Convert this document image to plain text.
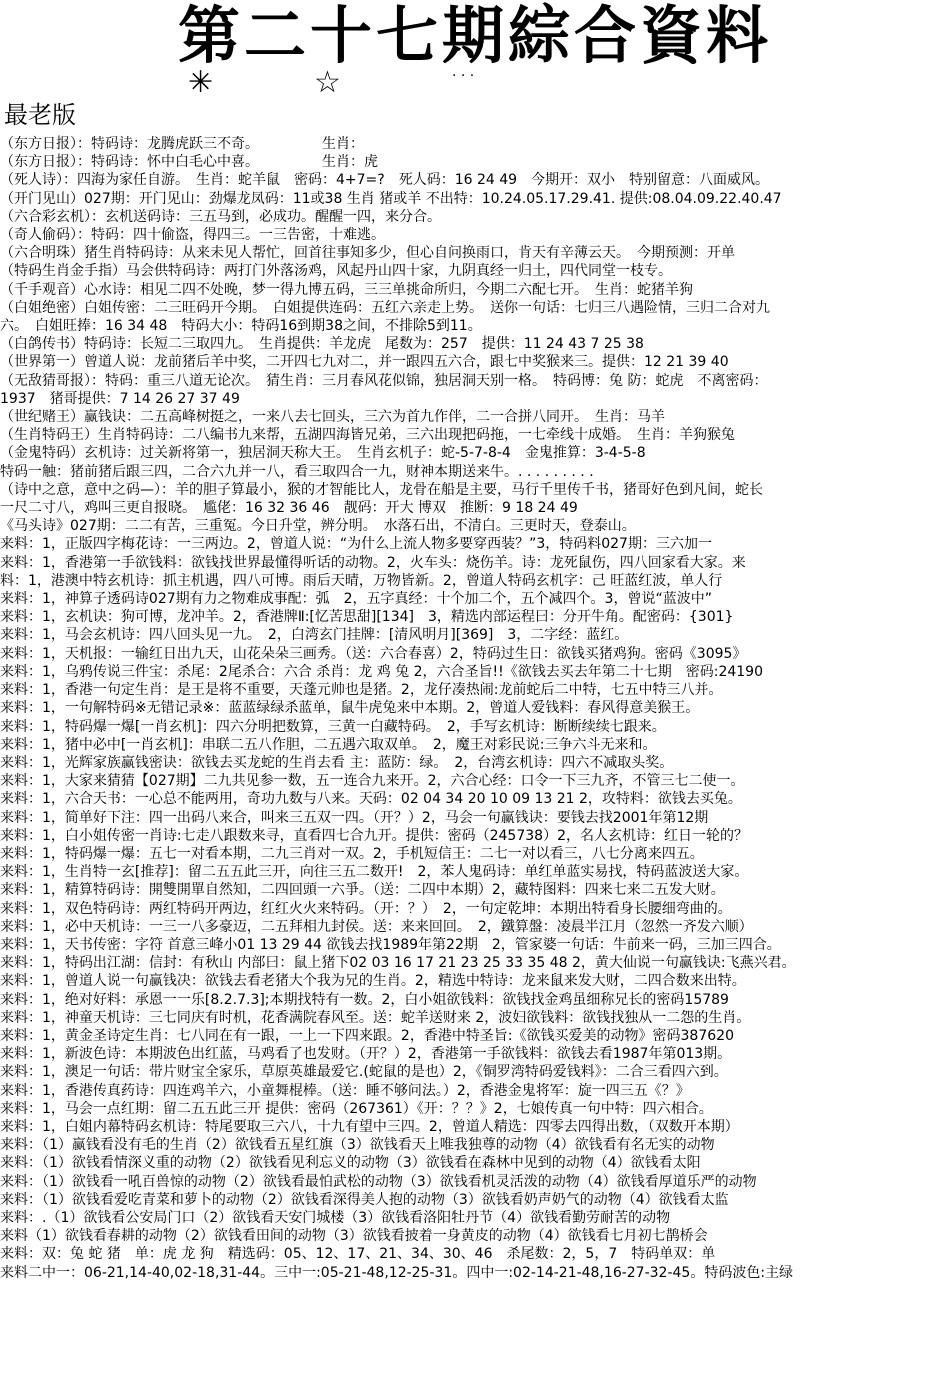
第二十七期綜合資料
✳	☆	· · ·
最老版
（东方日报）：特码诗：龙腾虎跃三不奇。　　　　　生肖：
（东方日报）：特码诗：怀中白毛心中喜。　　　　　生肖：虎
（死人诗）：四海为家任自游。　生肖：蛇羊鼠　密码：4+7=?　死人码：16 24 49　今期开：双小　特别留意：八面威风。
（开门见山）027期：开门见山：劲爆龙凤码：11或38 生肖 猪或羊 不出特：10.24.05.17.29.41. 提供:08.04.09.22.40.47
（六合彩玄机）：玄机送码诗：三五马到，必成功。醒醒一四，来分合。
（奇人偷码）：特码：四十偷盗，得四三。一三告密，十难逃。
（六合明珠）猪生肖特码诗：从来未见人帮忙，回首往事知多少，但心自问换雨口，肯天有辛薄云天。　今期预测：开单
（特码生肖金手指）马会供特码诗：两打门外落汤鸡，风起丹山四十家，九阴真经一归土，四代同堂一枝专。
（千手观音）心水诗：相见二四不处晚，梦一得九博五码，三三单挑命所归，今期二六配七开。　生肖：蛇猪羊狗
（白姐绝密）白姐传密：二三旺码开今期。　白姐提供连码：五红六亲走上势。　送你一句话：七归三八遇险情，三归二合对九
六。　白姐旺捧：16 34 48　特码大小：特码16到期38之间，不排除5到11。
（白鸽传书）特码诗：长短二三取四九。　生肖提供：羊龙虎　尾数为：257　提供：11 24 43 7 25 38
（世界第一）曾道人说：龙前猪后羊中奖，二开四七九对二，并一跟四五六合，跟七中奖猴来三。提供：12 21 39 40
（无敌猜哥报）：特码：重三八道无论次。　猜生肖：三月春风花似锦，独居洞天别一格。　特码博：兔 防：蛇虎　不离密码：
1937　猪哥提供：7 14 26 27 37 49
（世纪赌王）赢钱诀：二五高峰树挺之，一来八去七回头，三六为首九作伴，二一合拼八同开。　生肖：马羊
（生肖特码王）生肖特码诗：二八编书九来帮，五湖四海皆兄弟，三六出现把码拖，一七牵线十成婚。　生肖：羊狗猴兔
（金鬼特码）玄机诗：过关新将第一，独居洞天称大王。　生肖玄机子：蛇-5-7-8-4　金鬼推算：3-4-5-8
特码一触：猪前猪后跟三四，二合六九并一八，看三取四合一九，财神本期送来牛。. . . . . . . . .
（诗中之意，意中之码—）：羊的胆子算最小，猴的才智能比人，龙骨在船是主要，马行千里传千书，猪哥好色到凡间，蛇长
一尺二寸八，鸡叫三更自报晓。　尴佬：16 32 36 46　靓码：开大 博双　推断：9 18 24 49
《马头诗》027期：二二有苦，三重冤。今日升堂，辨分明。　水落石出，不清白。三更时天，登泰山。
来料：1，正版四字梅花诗：一三两边。2，曾道人说：“为什么上流人物多要穿西装？”3，特码料027期：三六加一
来料：1，香港第一手欲钱料：欲钱找世界最懂得听话的动物。2，火车头：烧伤羊。诗：龙死鼠伤，四八回家看大家。来
料：1，港澳中特玄机诗：抓主机遇，四八可博。雨后天晴，万物皆新。2，曾道人特码玄机字：己 旺蓝红波，单人行
来料：1，神算子透码诗027期有力之物难成事配：弧　2，五字真经：十个加二个，五个减四个。3，曾说“蓝波中”
来料：1，玄机诀：狗可博，龙冲羊。2，香港牌Ⅱ:[忆苦思甜][134]　3，精选内部运程曰：分开牛角。配密码：{301}
来料：1，马会玄机诗：四八回头见一九。　2，白湾玄门挂牌：[清风明月][369]　3，二字经：蓝红。
来料：1，天机报：一输红日出九天，山花朵朵三画秀。（送：六合春喜）2，特码过生日：欲钱买猪鸡狗。密码《3095》
来料：1，乌鸦传说三件宝：杀尾：2尾杀合：六合 杀肖：龙 鸡 兔 2，六合圣旨!!《欲钱去买去年第二十七期　密码:24190
来料：1，香港一句定生肖：是王是将不重要，天蓬元帅也是猪。2，龙仔凑热闹:龙前蛇后二中特，七五中特三八并。
来料：1，一句解特码※无错记录※：蓝蓝绿绿杀蓝单，鼠牛虎兔来中本期。2，曾道人爱钱料：春风得意美猴王。
来料：1，特码爆一爆[一肖玄机]：四六分明把数算，三黄一白藏特码。　2，手写玄机诗：断断续续七跟来。
来料：1，猪中必中[一肖玄机]：串联二五八作胆，二五遇六取双单。　2，魔王对彩民说:三争六斗无来和。
来料：1，光辉家族赢钱密诀：欲钱去买龙蛇的生肖去看 主：蓝防：绿。　2，台湾玄机诗：四六不减取头奖。
来料：1，大家来猜猜【027期】二九共见参一数，五一连合九来开。2，六合心经：口令一下三九齐，不管三七二使一。
来料：1，六合天书：一心总不能两用，奇功九数与八来。天码：02 04 34 20 10 09 13 21 2，攻特料：欲钱去买兔。
来料：1，简单好下注：四一出码八来合，叫来三五双一四。（开？）2，马会一句赢钱诀：要钱去找2001年第12期
来料：1，白小姐传密一肖诗:七走八跟数来寻，直看四七合九开。提供：密码（245738）2，名人玄机诗：红日一轮的？
来料：1，特码爆一爆：五七一对看本期，二九三肖对一双。2，手机短信王：二七一对以看三，八七分离来四五。
来料：1，生肖特一玄[推荐]：留二五五此三开，向往三五二数开!　2，苯人鬼码诗：单红单蓝实易找，特码蓝波送大家。
来料：1，精算特码诗：開雙開單自然知，二四回頭一六爭。（送：二四中本期）2，藏特图料：四来七来二五发大财。
来料：1，双色特码诗：两红特码开两边，红红火火来特码。（开：？）　2，一句定乾坤：本期出特看身长腰细弯曲的。
来料：1，必中天机诗：一三一八多豪迈，二五拜相九封侯。送：来来回回。　2，鐵算盤：凌晨半江月（忽然一齐发六顺）
来料：1，天书传密：字符 首意三峰小01 13 29 44 欲钱去找1989年第22期　2，管家婆一句话：牛前来一码，三加三四合。
来料：1，特码出江湖：信封：有秋山 内部曰：鼠上猪下02 03 16 17 21 23 25 33 35 48 2，黄大仙说一句赢钱诀:飞燕兴君。
来料：1，曾道人说一句赢钱决：欲钱去看老猪大个我为兄的生肖。2，精选中特诗：龙来鼠来发大财，二四合数来出特。
来料：1，绝对好料：承恩一一乐[8.2.7.3];本期找特有一数。2，白小姐欲钱料：欲钱找金鸡虽细称兄长的密码15789
来料：1，神童天机诗：三七同庆有时机，花香满院春风至。送：蛇羊送财来 2，波妇欲钱料：欲钱找独从一二怨的生肖。
来料：1，黄金圣诗定生肖：七八同在有一跟，一上一下四来跟。2，香港中特圣旨:《欲钱买爱美的动物》密码387620
来料：1，新波色诗：本期波色出红蓝，马鸡看了也发财。（开？）2，香港第一手欲钱料：欲钱去看1987年第013期。
来料：1，澳足一句话：带片财宝全家乐，草原英雄最爱它.(蛇鼠的是也）2，《铜罗湾特码爱钱料》：二合三看四六到。
来料：1，香港传真药诗：四连鸡羊六，小童舞棍棒。（送：睡不够问法。）2，香港金鬼将军：旋一四三五《？》
来料：1，马会一点红期：留二五五此三开 提供：密码（267361）《开：？？》2，七娘传真一句中特：四六相合。
来料：1，白姐内幕特码玄机诗：特尾要取三六八，十九有望中三四。2，曾道人精选：四零去四得出数，（双数开本期）
来料：（1）赢钱看没有毛的生肖（2）欲钱看五星红旗（3）欲钱看天上唯我独尊的动物（4）欲钱看有名无实的动物
来料：（1）欲钱看情深义重的动物（2）欲钱看见利忘义的动物（3）欲钱看在森林中见到的动物（4）欲钱看太阳
来料：（1）欲钱看一吼百兽惊的动物（2）欲钱看最怕武松的动物（3）欲钱看机灵活泼的动物（4）欲钱看厚道乐严的动物
来料：（1）欲钱看爱吃青菜和萝卜的动物（2）欲钱看深得美人抱的动物（3）欲钱看奶声奶气的动物（4）欲钱看太监
来料：.（1）欲钱看公安局门口（2）欲钱看天安门城楼（3）欲钱看洛阳牡丹节（4）欲钱看勤劳耐苦的动物
来料（1）欲钱看春耕的动物（2）欲钱看田间的动物（3）欲钱看披着一身黄皮的动物（4）欲钱看七月初七鹊桥会
来料：双：兔 蛇 猪　单：虎 龙 狗　精选码：05、12、17、21、34、30、46　杀尾数：2，5，7　特码单双：单
来料二中一：06-21,14-40,02-18,31-44。三中一:05-21-48,12-25-31。四中一:02-14-21-48,16-27-32-45。特码波色:主绿
